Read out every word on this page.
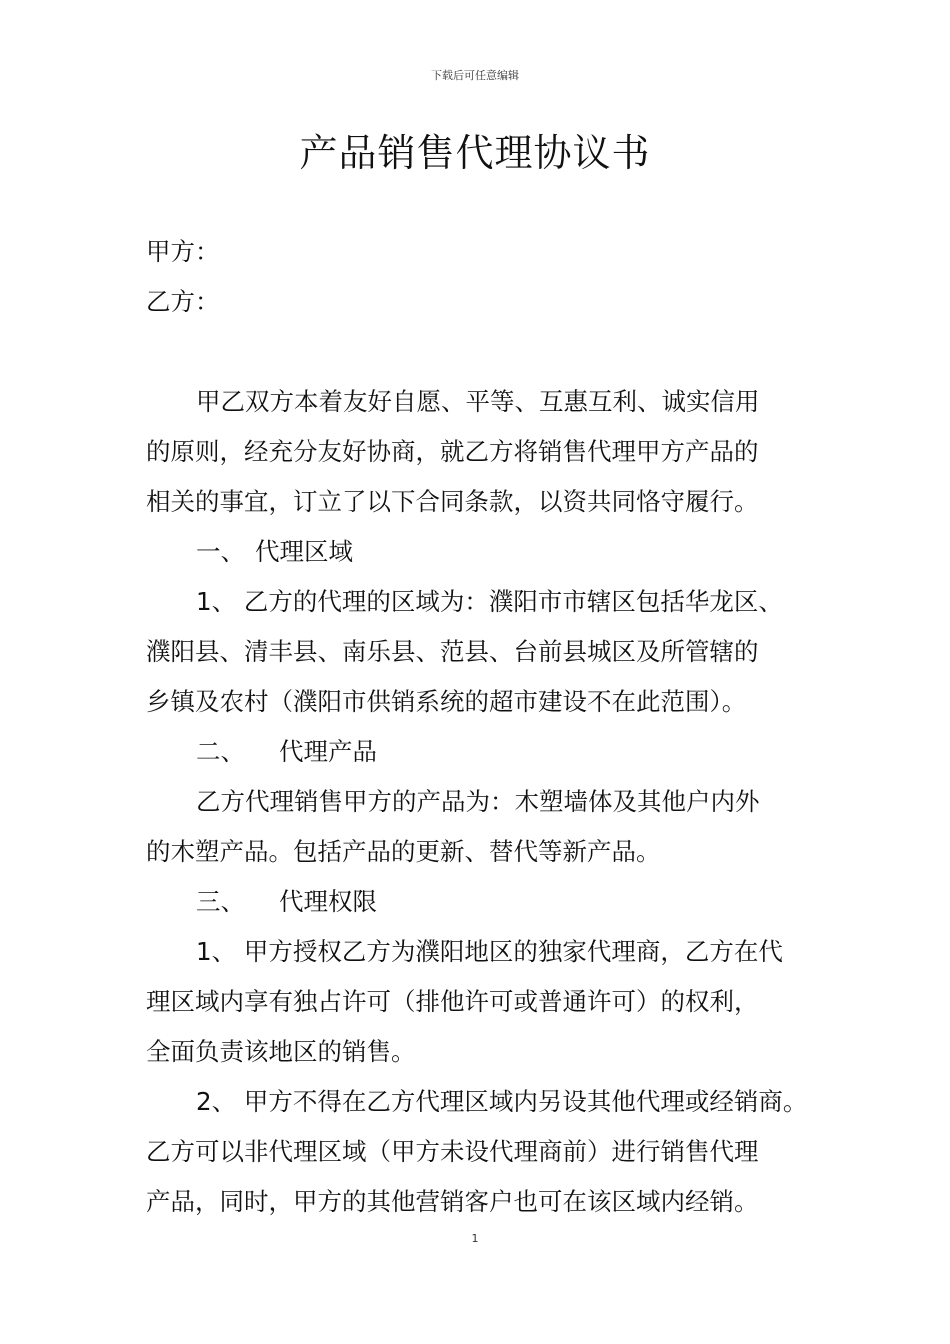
下载后可任意编辑
产品销售代理协议书
甲方：
乙方：
甲乙双方本着友好自愿、平等、互惠互利、诚实信用
的原则，经充分友好协商，就乙方将销售代理甲方产品的
相关的事宜，订立了以下合同条款，以资共同恪守履行。
一、 代理区域
1、 乙方的代理的区域为：濮阳市市辖区包括华龙区、
濮阳县、清丰县、南乐县、范县、台前县城区及所管辖的
乡镇及农村（濮阳市供销系统的超市建设不在此范围）。
二、 代理产品
乙方代理销售甲方的产品为：木塑墙体及其他户内外
的木塑产品。包括产品的更新、替代等新产品。
三、 代理权限
1、 甲方授权乙方为濮阳地区的独家代理商，乙方在代
理区域内享有独占许可（排他许可或普通许可）的权利，
全面负责该地区的销售。
2、 甲方不得在乙方代理区域内另设其他代理或经销商。
乙方可以非代理区域（甲方未设代理商前）进行销售代理
产品，同时，甲方的其他营销客户也可在该区域内经销。
1
